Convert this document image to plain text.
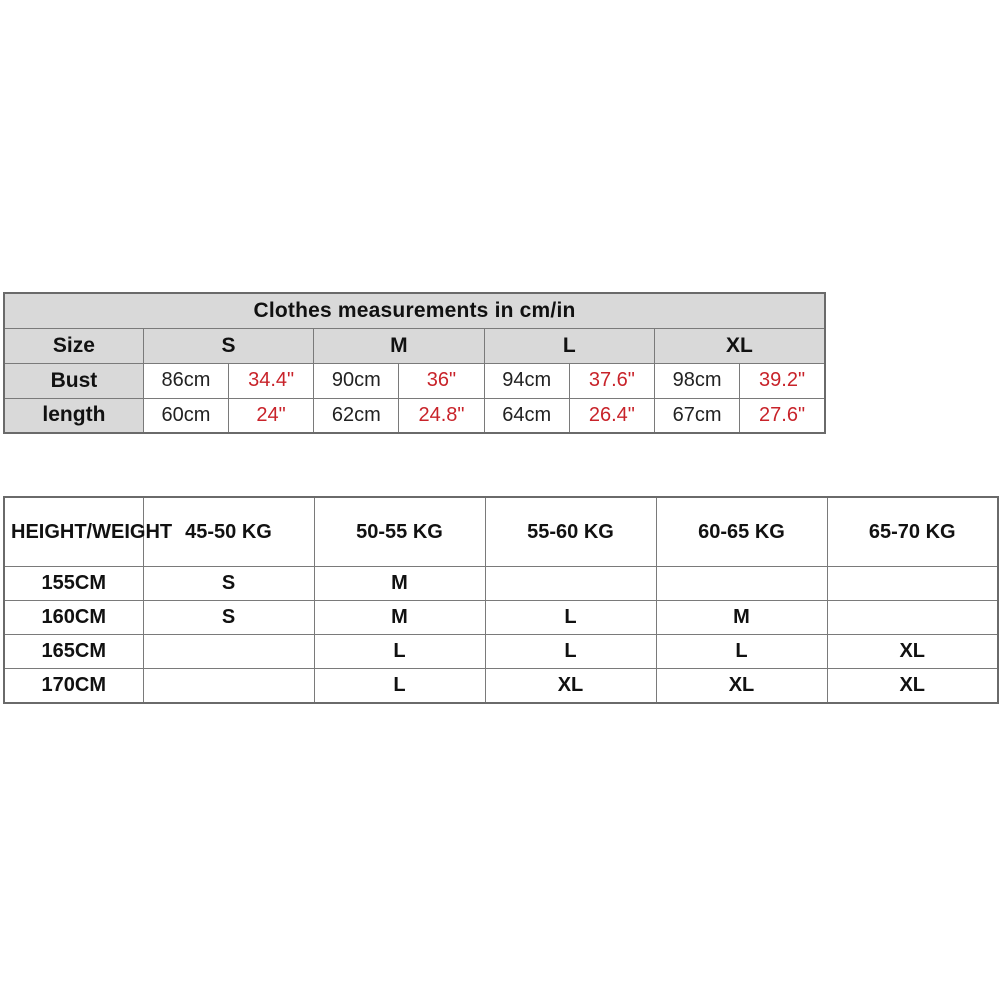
Clothes measurements in cm/in								
Size	S		M		L		XL	
Bust	86cm	34.4"	90cm	36"	94cm	37.6"	98cm	39.2"
length	60cm	24"	62cm	24.8"	64cm	26.4"	67cm	27.6"
HEIGHT/WEIGHT	45-50 KG	50-55 KG	55-60 KG	60-65 KG	65-70 KG
155CM	S	M			
160CM	S	M	L	M	
165CM		L	L	L	XL
170CM		L	XL	XL	XL
